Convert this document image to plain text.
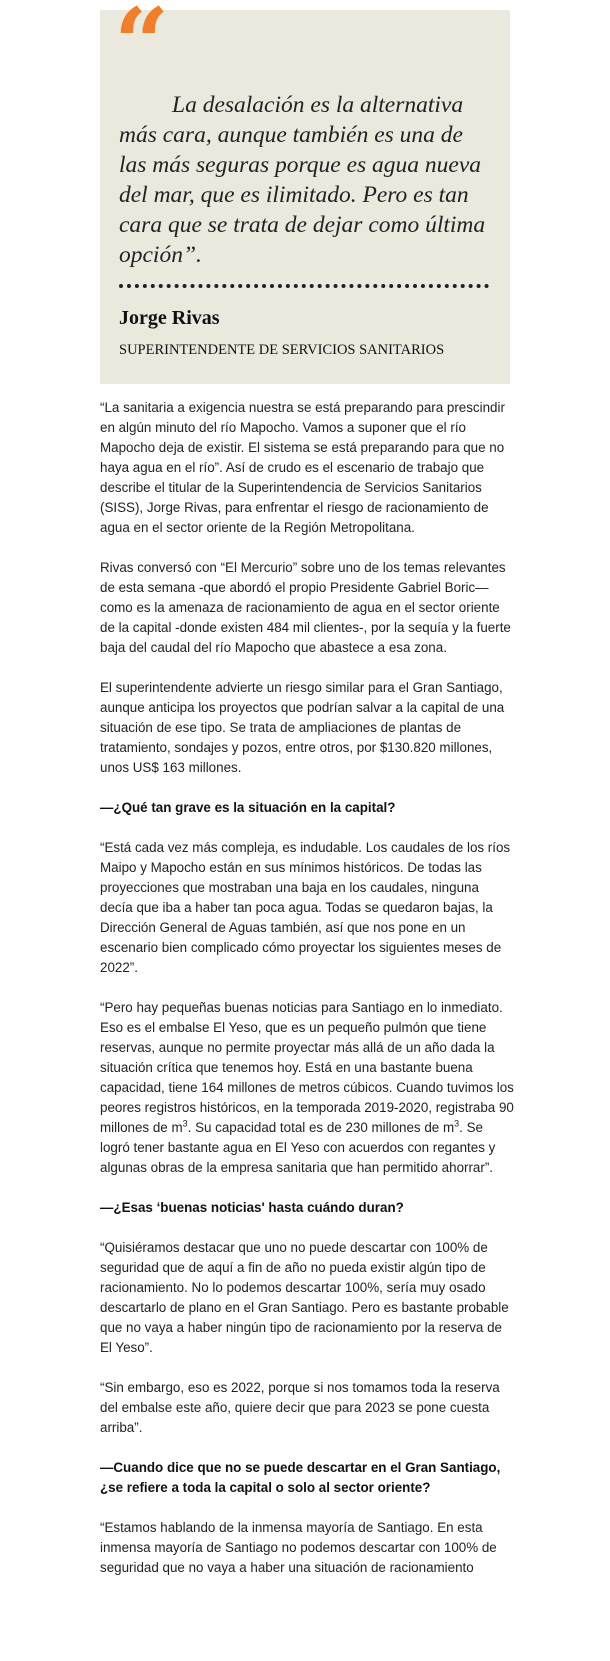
“

La desalación es la alternativa más cara, aunque también es una de las más seguras porque es agua nueva del mar, que es ilimitado. Pero es tan cara que se trata de dejar como última opción”.

Jorge Rivas

SUPERINTENDENTE DE SERVICIOS SANITARIOS

“La sanitaria a exigencia nuestra se está preparando para prescindir en algún minuto del río Mapocho. Vamos a suponer que el río Mapocho deja de existir. El sistema se está preparando para que no haya agua en el río”. Así de crudo es el escenario de trabajo que describe el titular de la Superintendencia de Servicios Sanitarios (SISS), Jorge Rivas, para enfrentar el riesgo de racionamiento de agua en el sector oriente de la Región Metropolitana.

Rivas conversó con “El Mercurio” sobre uno de los temas relevantes de esta semana -que abordó el propio Presidente Gabriel Boric— como es la amenaza de racionamiento de agua en el sector oriente de la capital -donde existen 484 mil clientes-, por la sequía y la fuerte baja del caudal del río Mapocho que abastece a esa zona.

El superintendente advierte un riesgo similar para el Gran Santiago, aunque anticipa los proyectos que podrían salvar a la capital de una situación de ese tipo. Se trata de ampliaciones de plantas de tratamiento, sondajes y pozos, entre otros, por $130.820 millones, unos US$ 163 millones.

—¿Qué tan grave es la situación en la capital?

“Está cada vez más compleja, es indudable. Los caudales de los ríos Maipo y Mapocho están en sus mínimos históricos. De todas las proyecciones que mostraban una baja en los caudales, ninguna decía que iba a haber tan poca agua. Todas se quedaron bajas, la Dirección General de Aguas también, así que nos pone en un escenario bien complicado cómo proyectar los siguientes meses de 2022”.

“Pero hay pequeñas buenas noticias para Santiago en lo inmediato. Eso es el embalse El Yeso, que es un pequeño pulmón que tiene reservas, aunque no permite proyectar más allá de un año dada la situación crítica que tenemos hoy. Está en una bastante buena capacidad, tiene 164 millones de metros cúbicos. Cuando tuvimos los peores registros históricos, en la temporada 2019-2020, registraba 90 millones de $m^3$. Su capacidad total es de 230 millones de $m^3$. Se logró tener bastante agua en El Yeso con acuerdos con regantes y algunas obras de la empresa sanitaria que han permitido ahorrar”.

—¿Esas ‘buenas noticias' hasta cuándo duran?

“Quisiéramos destacar que uno no puede descartar con 100% de seguridad que de aquí a fin de año no pueda existir algún tipo de racionamiento. No lo podemos descartar 100%, sería muy osado descartarlo de plano en el Gran Santiago. Pero es bastante probable que no vaya a haber ningún tipo de racionamiento por la reserva de El Yeso”.

“Sin embargo, eso es 2022, porque si nos tomamos toda la reserva del embalse este año, quiere decir que para 2023 se pone cuesta arriba”.

—Cuando dice que no se puede descartar en el Gran Santiago, ¿se refiere a toda la capital o solo al sector oriente?

“Estamos hablando de la inmensa mayoría de Santiago. En esta inmensa mayoría de Santiago no podemos descartar con 100% de seguridad que no vaya a haber una situación de racionamiento
